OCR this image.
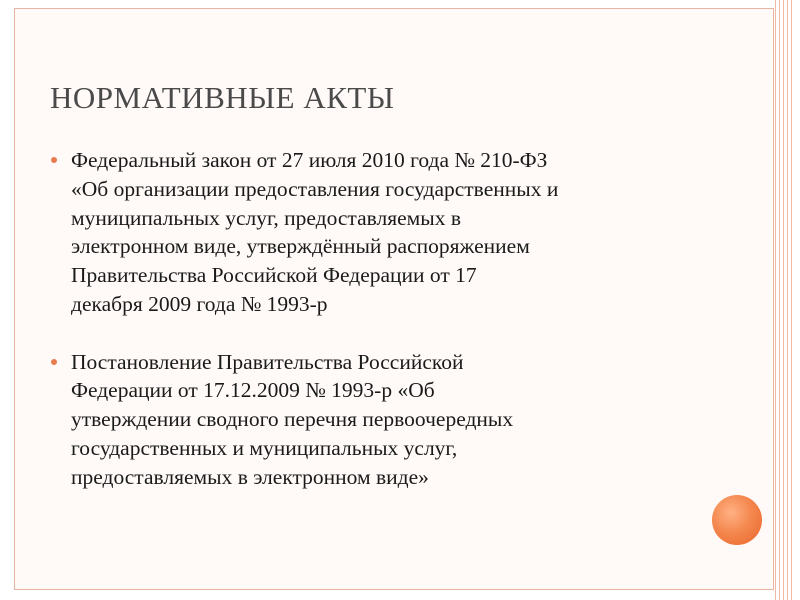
НОРМАТИВНЫЕ АКТЫ
Федеральный закон от 27 июля 2010 года № 210-ФЗ
«Об организации предоставления государственных и
муниципальных услуг, предоставляемых в
электронном виде, утверждённый распоряжением
Правительства Российской Федерации от 17
декабря 2009 года № 1993-р
Постановление Правительства Российской
Федерации от 17.12.2009 № 1993-р «Об
утверждении сводного перечня первоочередных
государственных и муниципальных услуг,
предоставляемых в электронном виде»
